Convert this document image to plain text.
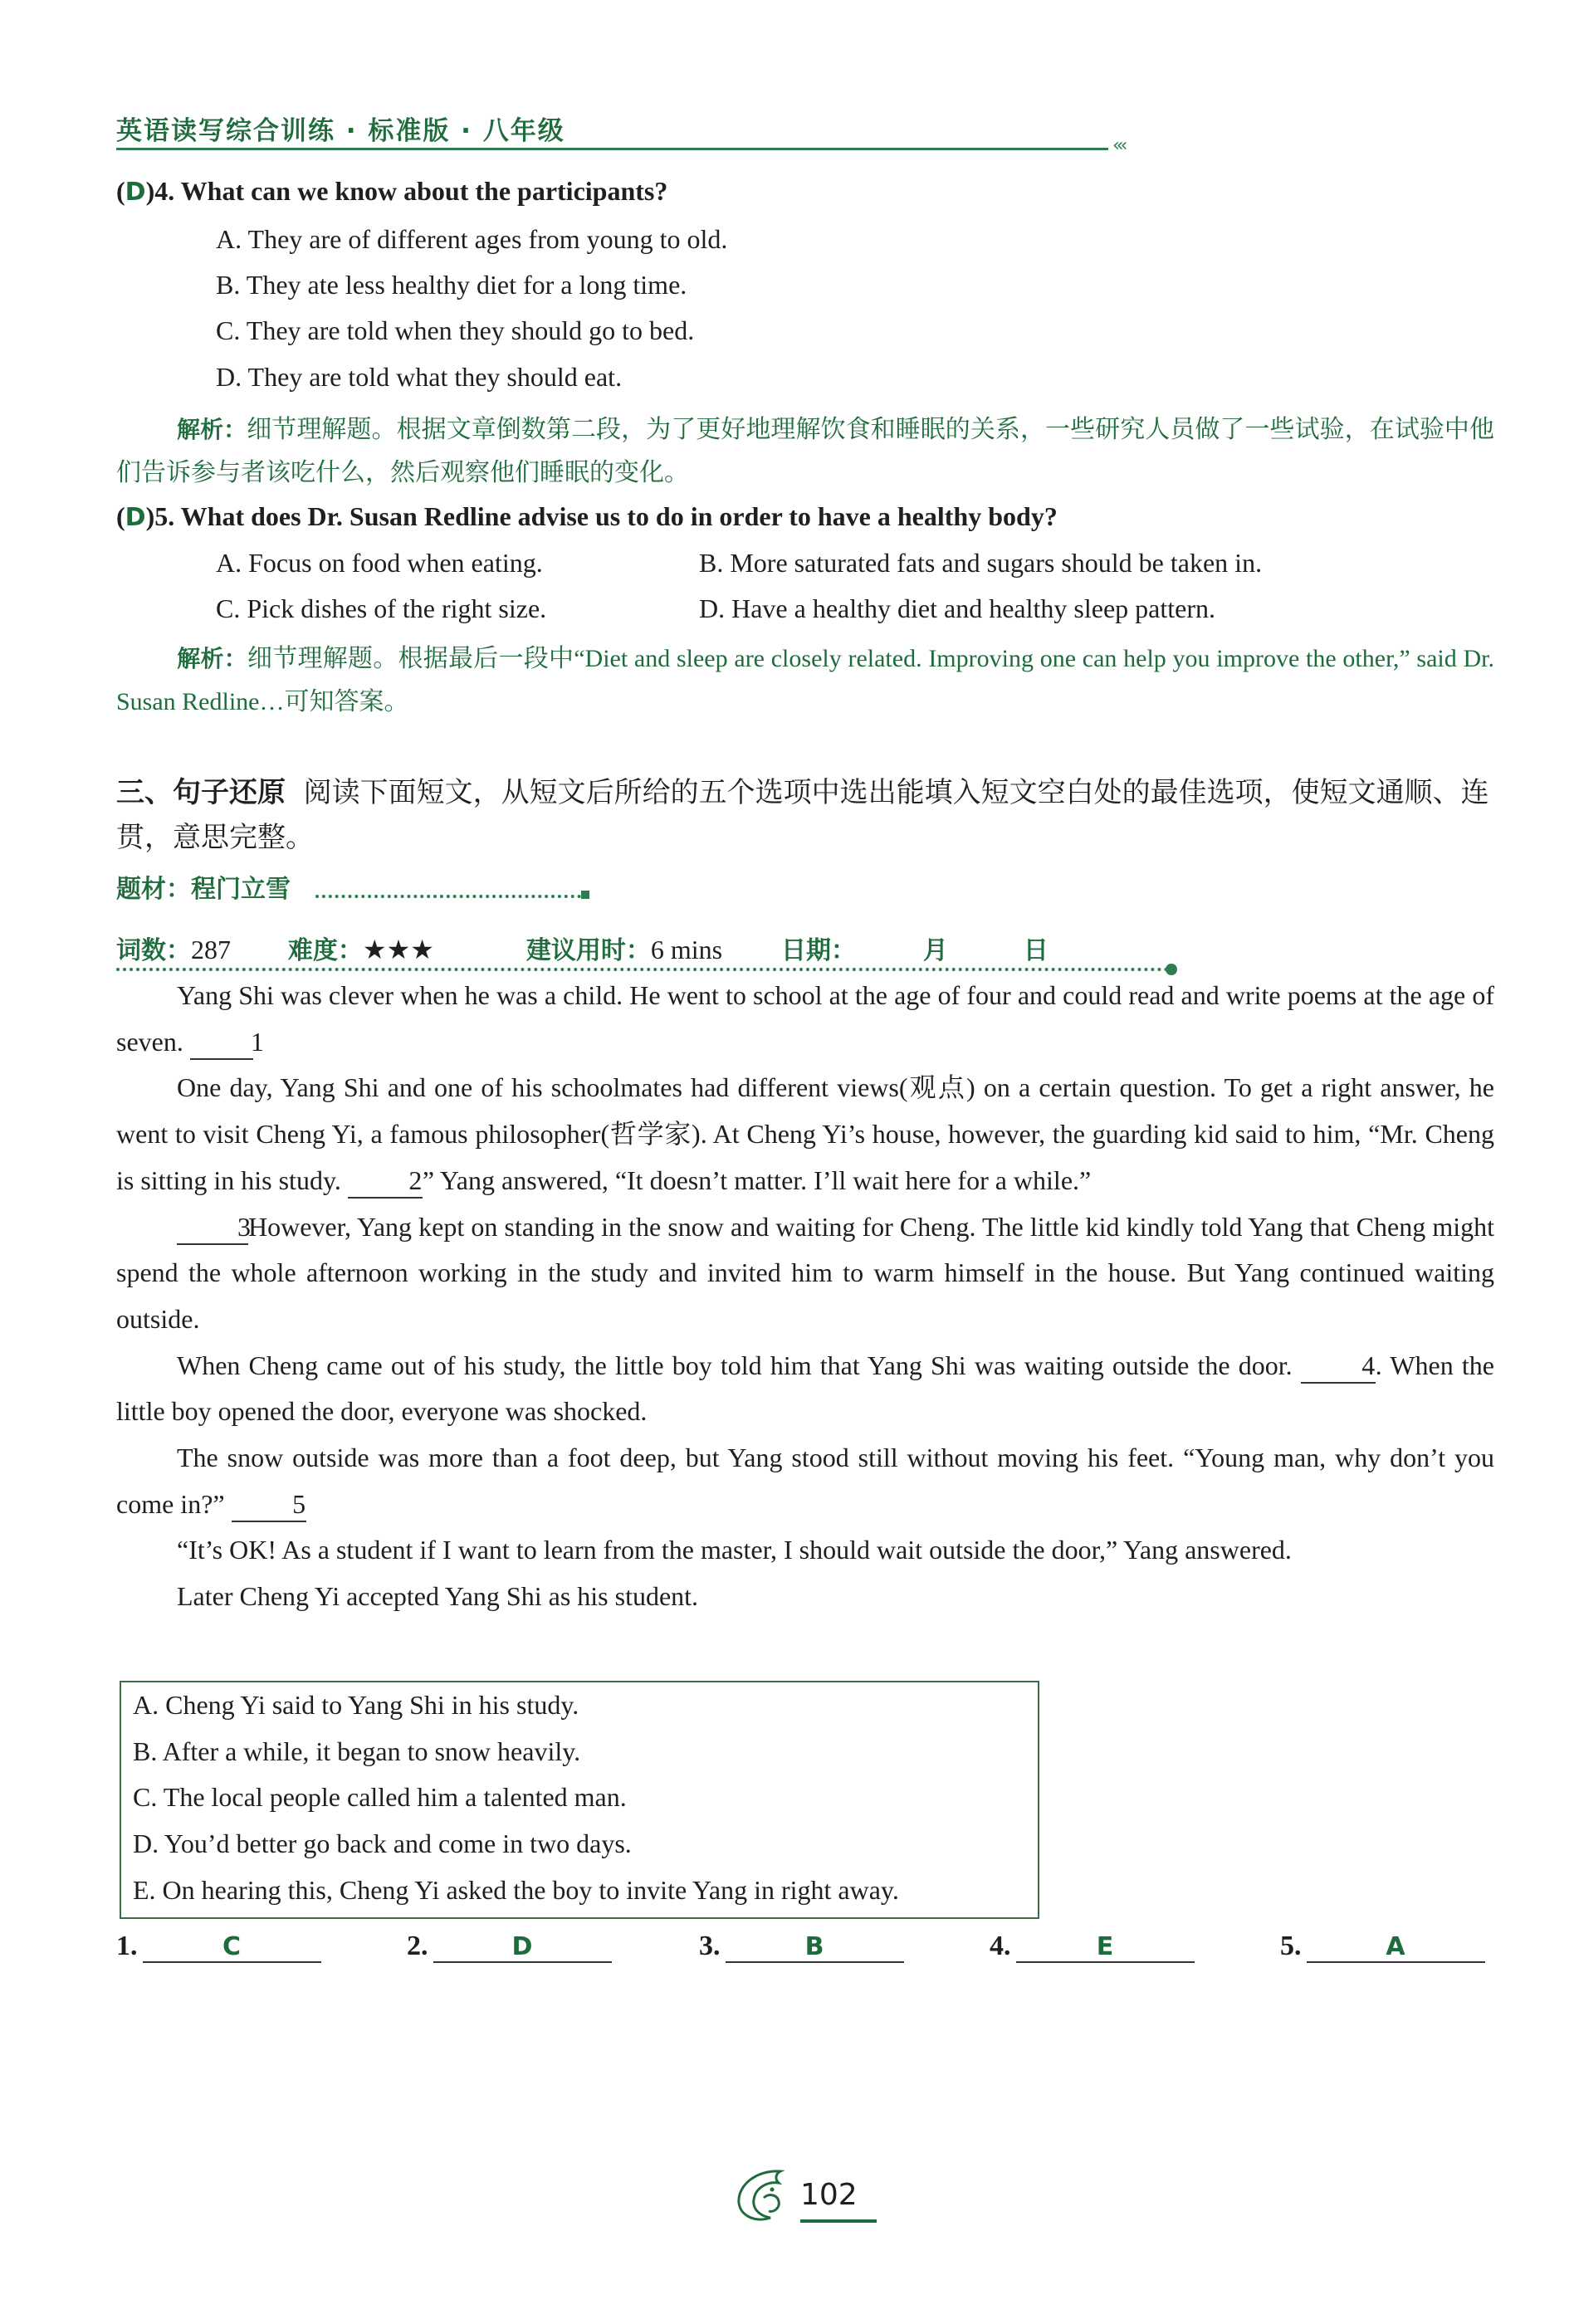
英语读写综合训练 · 标准版 · 八年级	‹‹‹
(D)4. What can we know about the participants?
A. They are of different ages from young to old.
B. They ate less healthy diet for a long time.
C. They are told when they should go to bed.
D. They are told what they should eat.
解析：细节理解题。根据文章倒数第二段，为了更好地理解饮食和睡眠的关系，一些研究人员做了一些试验，在试验中他们告诉参与者该吃什么，然后观察他们睡眠的变化。
(D)5. What does Dr. Susan Redline advise us to do in order to have a healthy body?
A. Focus on food when eating.	B. More saturated fats and sugars should be taken in.
C. Pick dishes of the right size.	D. Have a healthy diet and healthy sleep pattern.
解析：细节理解题。根据最后一段中“Diet and sleep are closely related. Improving one can help you improve the other,” said Dr. Susan Redline…可知答案。
三、句子还原 阅读下面短文，从短文后所给的五个选项中选出能填入短文空白处的最佳选项，使短文通顺、连贯，意思完整。
题材：程门立雪
词数：287 难度：★★★	建议用时：6 mins 日期：	月	日

Yang Shi was clever when he was a child. He went to school at the age of four and could read and write poems at the age of seven.	1

One day, Yang Shi and one of his schoolmates had different views(观点) on a certain question. To get a right answer, he went to visit Cheng Yi, a famous philosopher(哲学家). At Cheng Yi’s house, however, the guarding kid said to him, “Mr. Cheng is sitting in his study.	2” Yang answered, “It doesn’t matter. I’ll wait here for a while.”

3However, Yang kept on standing in the snow and waiting for Cheng. The little kid kindly told Yang that Cheng might spend the whole afternoon working in the study and invited him to warm himself in the house. But Yang continued waiting outside.

When Cheng came out of his study, the little boy told him that Yang Shi was waiting outside the door.	4. When the little boy opened the door, everyone was shocked.

The snow outside was more than a foot deep, but Yang stood still without moving his feet. “Young man, why don’t you come in?”	5

“It’s OK! As a student if I want to learn from the master, I should wait outside the door,” Yang answered.

Later Cheng Yi accepted Yang Shi as his student.

A. Cheng Yi said to Yang Shi in his study.
B. After a while, it began to snow heavily.
C. The local people called him a talented man.
D. You’d better go back and come in two days.
E. On hearing this, Cheng Yi asked the boy to invite Yang in right away.
1.	C	2.	D	3.	B	4.	E	5.	A
102
